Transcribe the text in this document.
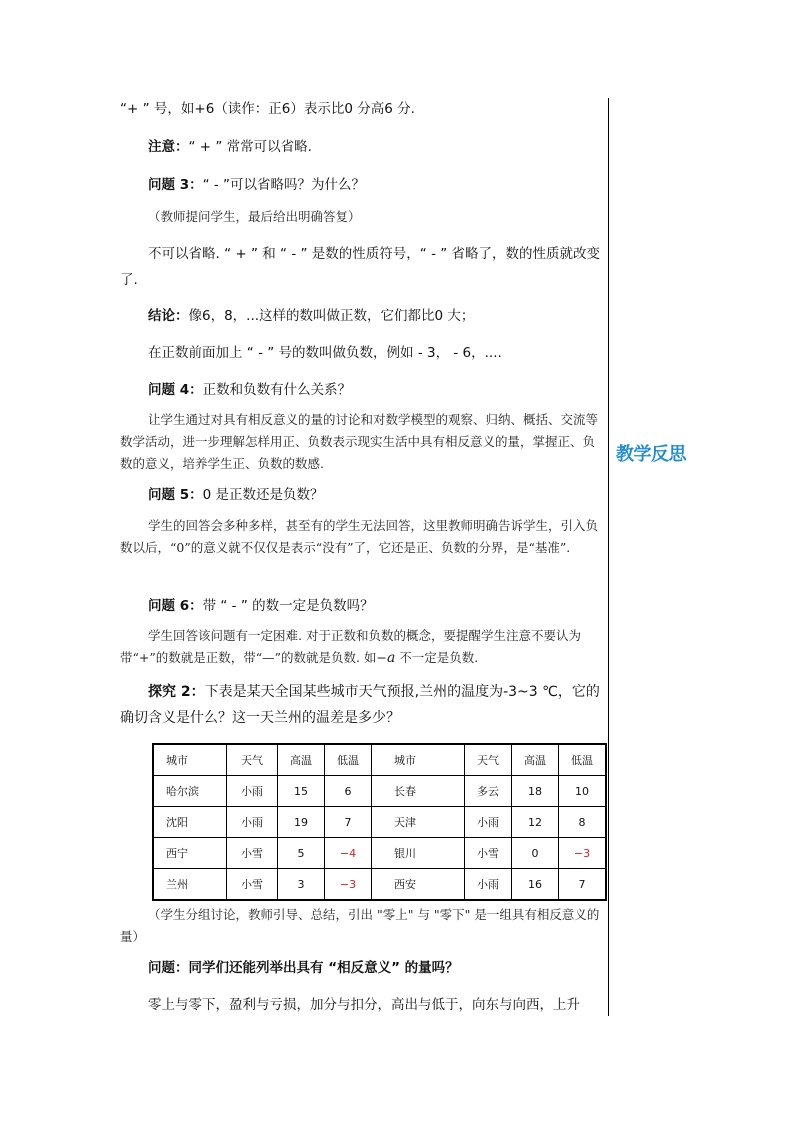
教学反思

“+ ” 号，如+6（读作：正6）表示比0 分高6 分.

注意：“ + ” 常常可以省略.

问题 3：“ - ”可以省略吗？为什么？

（教师提问学生，最后给出明确答复）

不可以省略. “ + ” 和 “ - ” 是数的性质符号，“ - ” 省略了，数的性质就改变了.

结论：像6，8，...这样的数叫做正数，它们都比0 大；

在正数前面加上 “ - ” 号的数叫做负数，例如 - 3， - 6，....

问题 4：正数和负数有什么关系？

让学生通过对具有相反意义的量的讨论和对数学模型的观察、归纳、概括、交流等数学活动，进一步理解怎样用正、负数表示现实生活中具有相反意义的量，掌握正、负数的意义，培养学生正、负数的数感.

问题 5：0 是正数还是负数？

学生的回答会多种多样，甚至有的学生无法回答，这里教师明确告诉学生，引入负数以后，“0”的意义就不仅仅是表示“没有”了，它还是正、负数的分界，是“基准”.

问题 6：带 “ - ” 的数一定是负数吗？

学生回答该问题有一定困难. 对于正数和负数的概念，要提醒学生注意不要认为带“+”的数就是正数，带“—”的数就是负数. 如−a 不一定是负数.

探究 2：下表是某天全国某些城市天气预报,兰州的温度为-3~3 ℃，它的确切含义是什么？这一天兰州的温差是多少？

城市	天气	高温	低温	城市	天气	高温	低温
哈尔滨	小雨	15	6	长春	多云	18	10
沈阳	小雨	19	7	天津	小雨	12	8
西宁	小雪	5	−4	银川	小雪	0	−3
兰州	小雪	3	−3	西安	小雨	16	7

（学生分组讨论，教师引导、总结，引出 "零上" 与 "零下" 是一组具有相反意义的量）

问题：同学们还能列举出具有 “相反意义” 的量吗？

零上与零下，盈利与亏损，加分与扣分，高出与低于，向东与向西，上升
